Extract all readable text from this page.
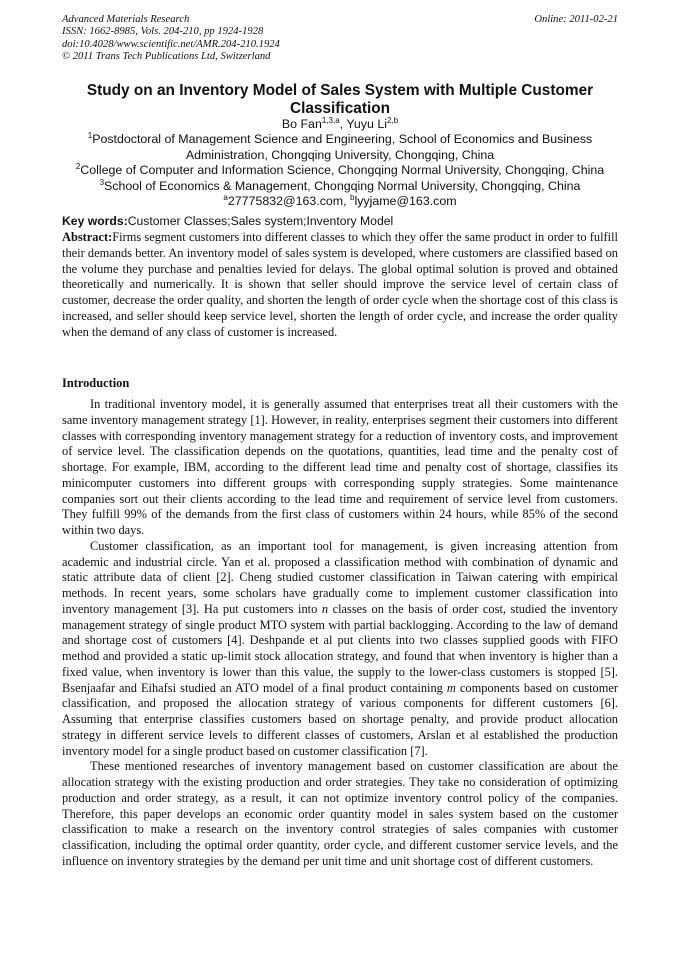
Advanced Materials Research
ISSN: 1662-8985, Vols. 204-210, pp 1924-1928
doi:10.4028/www.scientific.net/AMR.204-210.1924
© 2011 Trans Tech Publications Ltd, Switzerland
Online: 2011-02-21
Study on an Inventory Model of Sales System with Multiple Customer Classification
Bo Fan$^{1,3,a}$, Yuyu Li$^{2,b}$
$^1$Postdoctoral of Management Science and Engineering, School of Economics and Business
Administration, Chongqing University, Chongqing, China
$^2$College of Computer and Information Science, Chongqing Normal University, Chongqing, China
$^3$School of Economics & Management, Chongqing Normal University, Chongqing, China
$^a$27775832@163.com, $^b$lyyjame@163.com
Key words:Customer Classes;Sales system;Inventory Model
Abstract:Firms segment customers into different classes to which they offer the same product in order to fulfill their demands better. An inventory model of sales system is developed, where customers are classified based on the volume they purchase and penalties levied for delays. The global optimal solution is proved and obtained theoretically and numerically. It is shown that seller should improve the service level of certain class of customer, decrease the order quality, and shorten the length of order cycle when the shortage cost of this class is increased, and seller should keep service level, shorten the length of order cycle, and increase the order quality when the demand of any class of customer is increased.
Introduction

In traditional inventory model, it is generally assumed that enterprises treat all their customers with the same inventory management strategy [1]. However, in reality, enterprises segment their customers into different classes with corresponding inventory management strategy for a reduction of inventory costs, and improvement of service level. The classification depends on the quotations, quantities, lead time and the penalty cost of shortage. For example, IBM, according to the different lead time and penalty cost of shortage, classifies its minicomputer customers into different groups with corresponding supply strategies. Some maintenance companies sort out their clients according to the lead time and requirement of service level from customers. They fulfill 99% of the demands from the first class of customers within 24 hours, while 85% of the second within two days.

Customer classification, as an important tool for management, is given increasing attention from academic and industrial circle. Yan et al. proposed a classification method with combination of dynamic and static attribute data of client [2]. Cheng studied customer classification in Taiwan catering with empirical methods. In recent years, some scholars have gradually come to implement customer classification into inventory management [3]. Ha put customers into n classes on the basis of order cost, studied the inventory management strategy of single product MTO system with partial backlogging. According to the law of demand and shortage cost of customers [4]. Deshpande et al put clients into two classes supplied goods with FIFO method and provided a static up-limit stock allocation strategy, and found that when inventory is higher than a fixed value, when inventory is lower than this value, the supply to the lower-class customers is stopped [5]. Bsenjaafar and Eihafsi studied an ATO model of a final product containing m components based on customer classification, and proposed the allocation strategy of various components for different customers [6]. Assuming that enterprise classifies customers based on shortage penalty, and provide product allocation strategy in different service levels to different classes of customers, Arslan et al established the production inventory model for a single product based on customer classification [7].

These mentioned researches of inventory management based on customer classification are about the allocation strategy with the existing production and order strategies. They take no consideration of optimizing production and order strategy, as a result, it can not optimize inventory control policy of the companies. Therefore, this paper develops an economic order quantity model in sales system based on the customer classification to make a research on the inventory control strategies of sales companies with customer classification, including the optimal order quantity, order cycle, and different customer service levels, and the influence on inventory strategies by the demand per unit time and unit shortage cost of different customers.
